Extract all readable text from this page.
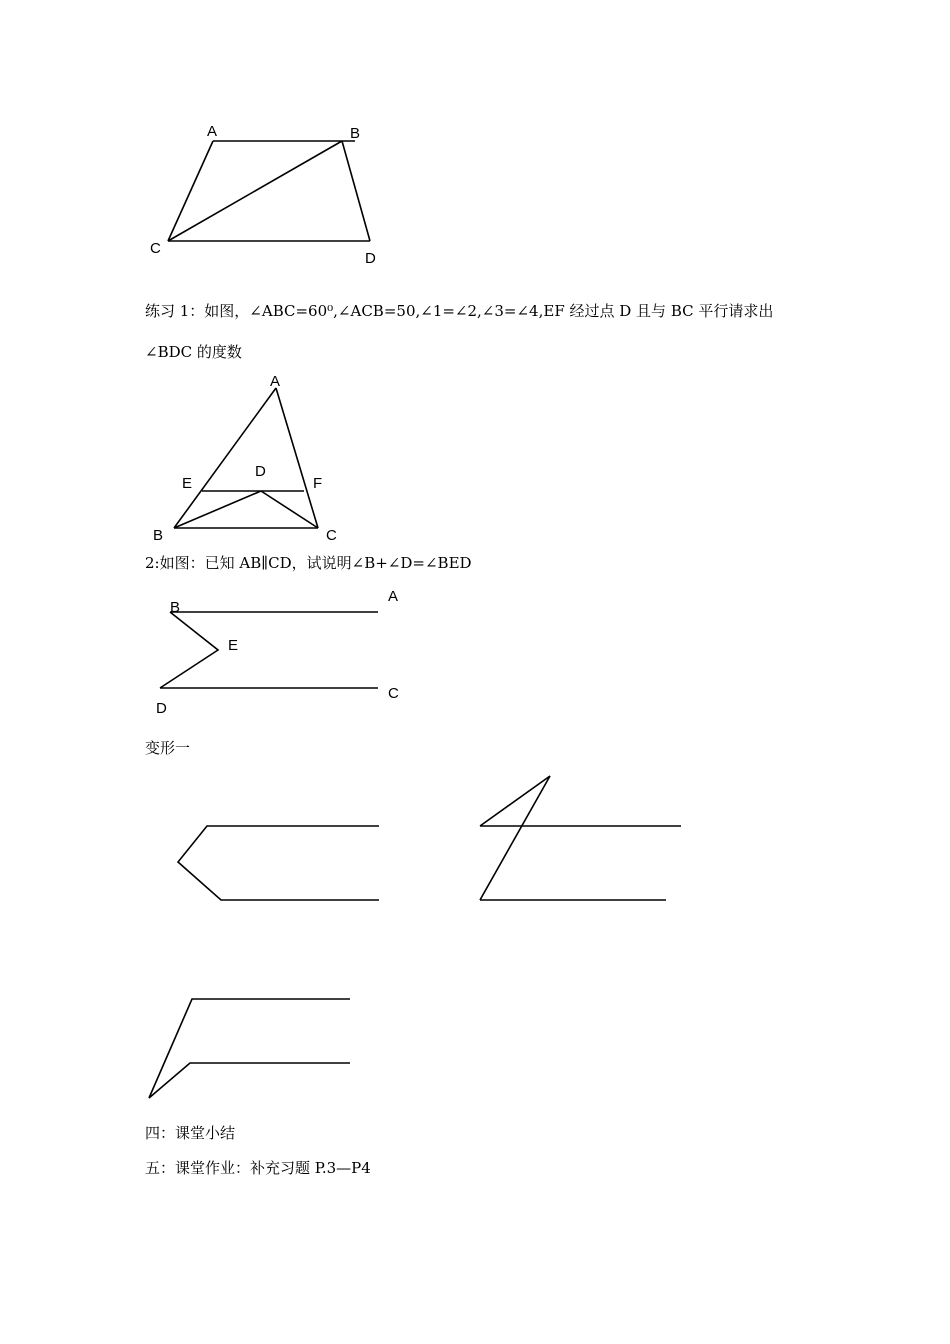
A	B
C
D
练习 1：如图，∠ABC=60⁰,∠ACB=50,∠1=∠2,∠3=∠4,EF 经过点 D 且与 BC 平行请求出
∠BDC 的度数
A
E
D
F
B	C
2:如图：已知 AB∥CD，试说明∠B+∠D=∠BED
B
A
E
D
C
变形一
四：课堂小结
五：课堂作业：补充习题 P.3—P4
